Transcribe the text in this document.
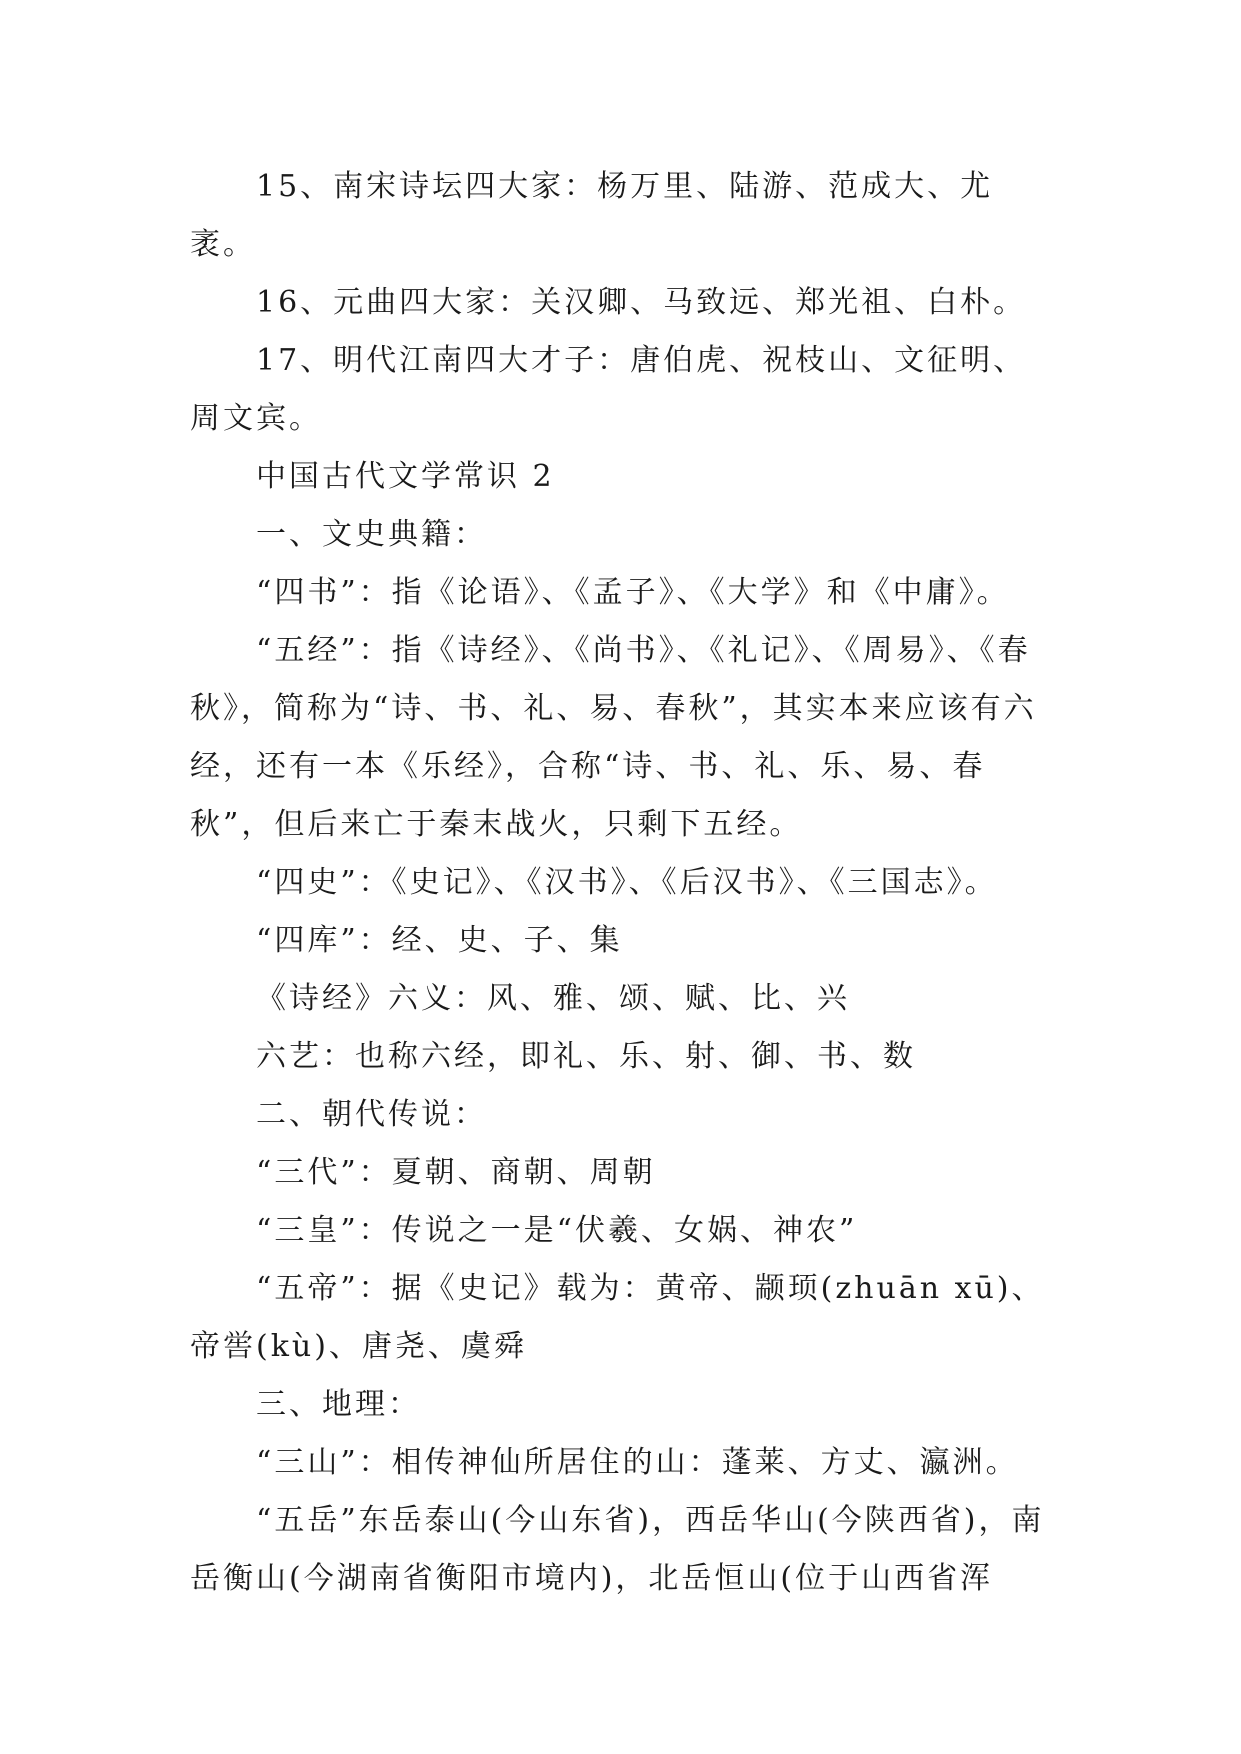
15、南宋诗坛四大家：杨万里、陆游、范成大、尤袤。

16、元曲四大家：关汉卿、马致远、郑光祖、白朴。

17、明代江南四大才子：唐伯虎、祝枝山、文征明、周文宾。

中国古代文学常识 2

一、文史典籍：

“四书”：指《论语》、《孟子》、《大学》和《中庸》。

“五经”：指《诗经》、《尚书》、《礼记》、《周易》、《春秋》，简称为“诗、书、礼、易、春秋”，其实本来应该有六经，还有一本《乐经》，合称“诗、书、礼、乐、易、春秋”，但后来亡于秦末战火，只剩下五经。

“四史”：《史记》、《汉书》、《后汉书》、《三国志》。

“四库”：经、史、子、集

《诗经》六义：风、雅、颂、赋、比、兴

六艺：也称六经，即礼、乐、射、御、书、数

二、朝代传说：

“三代”：夏朝、商朝、周朝

“三皇”：传说之一是“伏羲、女娲、神农”

“五帝”：据《史记》载为：黄帝、颛顼(zhuān xū)、帝喾(kù)、唐尧、虞舜

三、地理：

“三山”：相传神仙所居住的山：蓬莱、方丈、瀛洲。

“五岳”东岳泰山(今山东省)，西岳华山(今陕西省)，南岳衡山(今湖南省衡阳市境内)，北岳恒山(位于山西省浑
